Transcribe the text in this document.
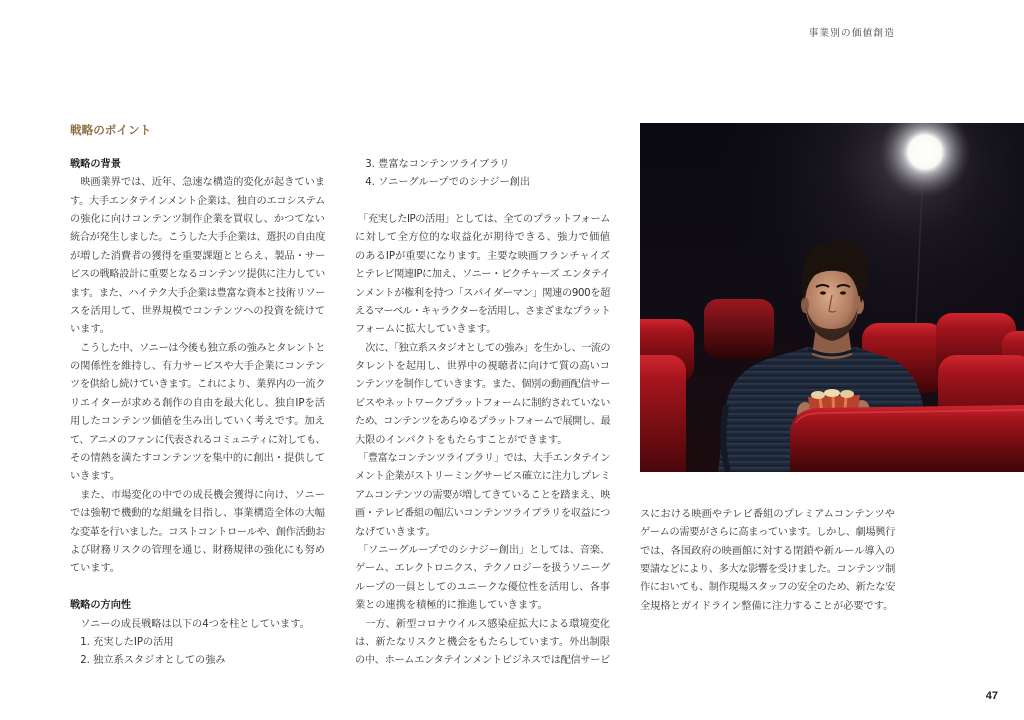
事業別の価値創造
戦略のポイント
戦略の背景
映画業界では、近年、急速な構造的変化が起きていま
す。大手エンタテインメント企業は、独自のエコシステム
の強化に向けコンテンツ制作企業を買収し、かつてない
統合が発生しました。こうした大手企業は、選択の自由度
が増した消費者の獲得を重要課題ととらえ、製品・サー
ビスの戦略設計に重要となるコンテンツ提供に注力してい
ます。また、ハイテク大手企業は豊富な資本と技術リソー
スを活用して、世界規模でコンテンツへの投資を続けて
います。
こうした中、ソニーは今後も独立系の強みとタレントと
の関係性を維持し、有力サービスや大手企業にコンテン
ツを供給し続けていきます。これにより、業界内の一流ク
リエイターが求める創作の自由を最大化し、独自IPを活
用したコンテンツ価値を生み出していく考えです。加え
て、アニメのファンに代表されるコミュニティに対しても、
その情熱を満たすコンテンツを集中的に創出・提供して
いきます。
また、市場変化の中での成長機会獲得に向け、ソニー
では強靭で機動的な組織を目指し、事業構造全体の大幅
な変革を行いました。コストコントロールや、創作活動お
よび財務リスクの管理を通じ、財務規律の強化にも努め
ています。
戦略の方向性
ソニーの成長戦略は以下の4つを柱としています。
1. 充実したIPの活用
2. 独立系スタジオとしての強み
3. 豊富なコンテンツライブラリ
4. ソニーグループでのシナジー創出
「充実したIPの活用」としては、全てのプラットフォーム
に対して全方位的な収益化が期待できる、強力で価値
のあるIPが重要になります。主要な映画フランチャイズ
とテレビ関連IPに加え、ソニー・ピクチャーズ エンタテイ
ンメントが権利を持つ「スパイダーマン」関連の900を超
えるマーベル・キャラクターを活用し、さまざまなプラット
フォームに拡大していきます。
次に、「独立系スタジオとしての強み」を生かし、一流の
タレントを起用し、世界中の視聴者に向けて質の高いコ
ンテンツを制作していきます。また、個別の動画配信サー
ビスやネットワークプラットフォームに制約されていない
ため、コンテンツをあらゆるプラットフォームで展開し、最
大限のインパクトをもたらすことができます。
「豊富なコンテンツライブラリ」では、大手エンタテイン
メント企業がストリーミングサービス確立に注力しプレミ
アムコンテンツの需要が増してきていることを踏まえ、映
画・テレビ番組の幅広いコンテンツライブラリを収益につ
なげていきます。
「ソニーグループでのシナジー創出」としては、音楽、
ゲーム、エレクトロニクス、テクノロジーを扱うソニーグ
ループの一員としてのユニークな優位性を活用し、各事
業との連携を積極的に推進していきます。
一方、新型コロナウイルス感染症拡大による環境変化
は、新たなリスクと機会をもたらしています。外出制限
の中、ホームエンタテインメントビジネスでは配信サービ
スにおける映画やテレビ番組のプレミアムコンテンツや
ゲームの需要がさらに高まっています。しかし、劇場興行
では、各国政府の映画館に対する閉鎖や新ルール導入の
要請などにより、多大な影響を受けました。コンテンツ制
作においても、制作現場スタッフの安全のため、新たな安
全規格とガイドライン整備に注力することが必要です。
47
